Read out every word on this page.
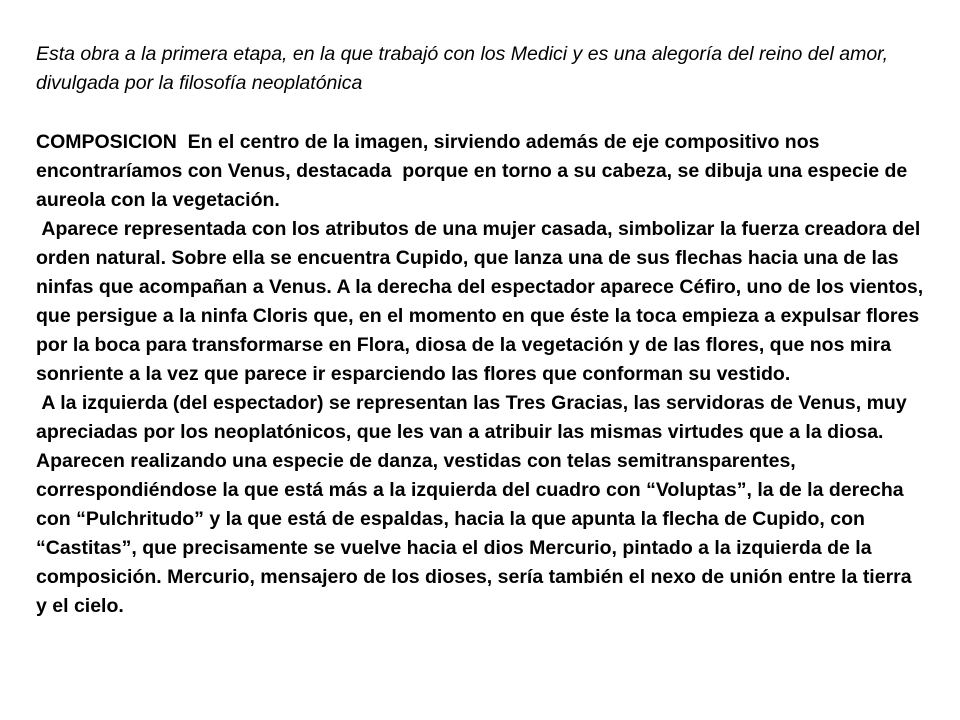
Esta obra a la primera etapa, en la que trabajó con los Medici y es una alegoría del reino del amor, divulgada por la filosofía neoplatónica

COMPOSICION  En el centro de la imagen, sirviendo además de eje compositivo nos encontraríamos con Venus, destacada  porque en torno a su cabeza, se dibuja una especie de aureola con la vegetación.

Aparece representada con los atributos de una mujer casada, simbolizar la fuerza creadora del orden natural. Sobre ella se encuentra Cupido, que lanza una de sus flechas hacia una de las ninfas que acompañan a Venus. A la derecha del espectador aparece Céfiro, uno de los vientos, que persigue a la ninfa Cloris que, en el momento en que éste la toca empieza a expulsar flores por la boca para transformarse en Flora, diosa de la vegetación y de las flores, que nos mira sonriente a la vez que parece ir esparciendo las flores que conforman su vestido.

A la izquierda (del espectador) se representan las Tres Gracias, las servidoras de Venus, muy apreciadas por los neoplatónicos, que les van a atribuir las mismas virtudes que a la diosa. Aparecen realizando una especie de danza, vestidas con telas semitransparentes, correspondiéndose la que está más a la izquierda del cuadro con “Voluptas”, la de la derecha con “Pulchritudo” y la que está de espaldas, hacia la que apunta la flecha de Cupido, con “Castitas”, que precisamente se vuelve hacia el dios Mercurio, pintado a la izquierda de la composición. Mercurio, mensajero de los dioses, sería también el nexo de unión entre la tierra y el cielo.
